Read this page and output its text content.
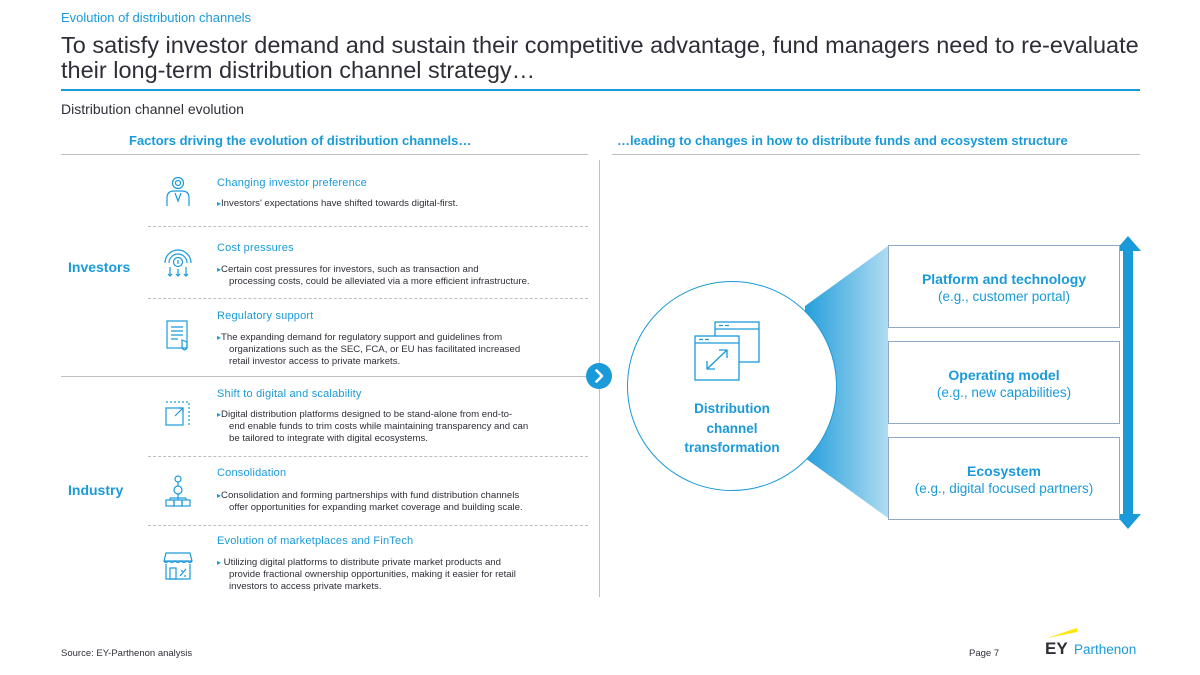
Evolution of distribution channels
To satisfy investor demand and sustain their competitive advantage, fund managers need to re-evaluate their long-term distribution channel strategy…
Distribution channel evolution
Factors driving the evolution of distribution channels…	…leading to changes in how to distribute funds and ecosystem structure
Investors
Industry
Changing investor preference
▸Investors' expectations have shifted towards digital-first.
Cost pressures
▸Certain cost pressures for investors, such as transaction and
processing costs, could be alleviated via a more efficient infrastructure.
Regulatory support
▸The expanding demand for regulatory support and guidelines from
organizations such as the SEC, FCA, or EU has facilitated increased
retail investor access to private markets.
Shift to digital and scalability
▸Digital distribution platforms designed to be stand-alone from end-to-
end enable funds to trim costs while maintaining transparency and can
be tailored to integrate with digital ecosystems.
Consolidation
▸Consolidation and forming partnerships with fund distribution channels
offer opportunities for expanding market coverage and building scale.
Evolution of marketplaces and FinTech
▸ Utilizing digital platforms to distribute private market products and
provide fractional ownership opportunities, making it easier for retail
investors to access private markets.
Distribution
channel
transformation
Platform and technology
(e.g., customer portal)
Operating model
(e.g., new capabilities)
Ecosystem
(e.g., digital focused partners)
Source: EY-Parthenon analysis	Page 7	EY Parthenon
